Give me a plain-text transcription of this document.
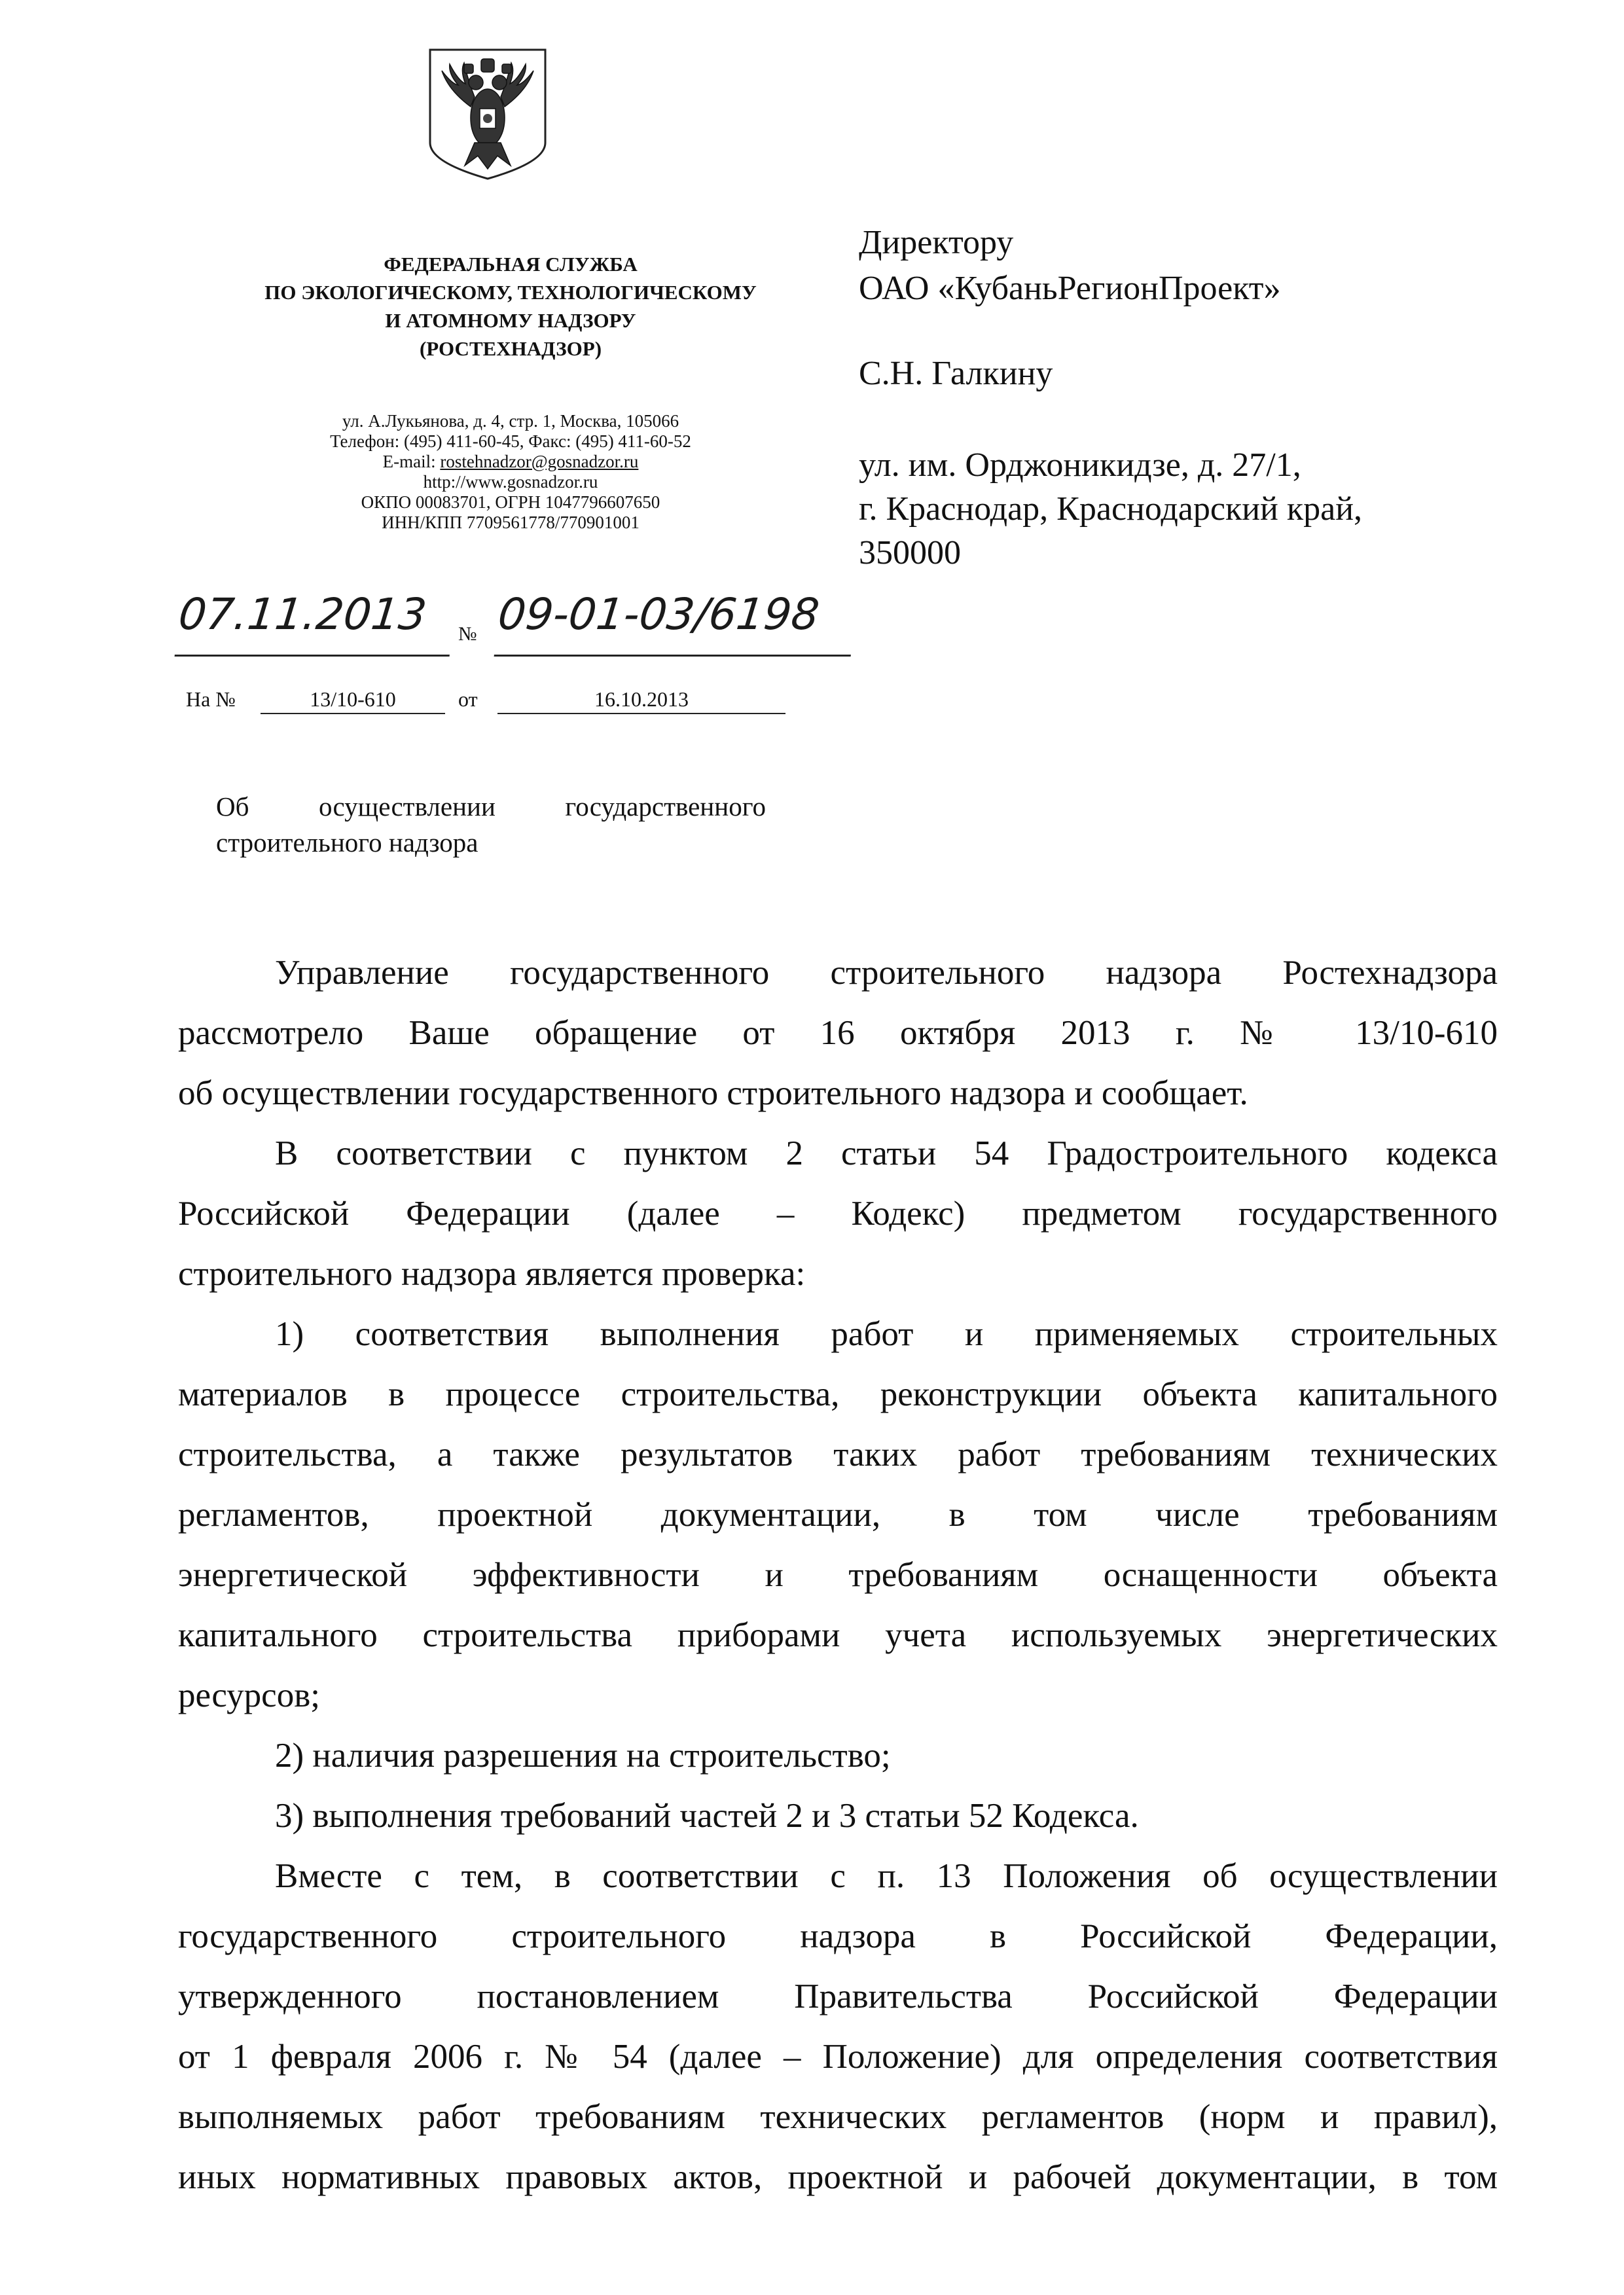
ФЕДЕРАЛЬНАЯ СЛУЖБА
ПО ЭКОЛОГИЧЕСКОМУ, ТЕХНОЛОГИЧЕСКОМУ
И АТОМНОМУ НАДЗОРУ
(РОСТЕХНАДЗОР)
ул. А.Лукьянова, д. 4, стр. 1, Москва, 105066
Телефон: (495) 411-60-45, Факс: (495) 411-60-52
E-mail: rostehnadzor@gosnadzor.ru
http://www.gosnadzor.ru
ОКПО 00083701, ОГРН 1047796607650
ИНН/КПП 7709561778/770901001
Директору
ОАО «КубаньРегионПроект»
С.Н. Галкину
ул. им. Орджоникидзе, д. 27/1,
г. Краснодар, Краснодарский край,
350000
07.11.2013	№ 09-01-03/6198
На №	13/10-610	от	16.10.2013
Об осуществлении государственного
строительного надзора
Управление государственного строительного надзора Ростехнадзора
рассмотрело Ваше обращение от 16 октября 2013 г. № 13/10-610
об осуществлении государственного строительного надзора и сообщает.
В соответствии с пунктом 2 статьи 54 Градостроительного кодекса
Российской Федерации (далее – Кодекс) предметом государственного
строительного надзора является проверка:
1) соответствия выполнения работ и применяемых строительных
материалов в процессе строительства, реконструкции объекта капитального
строительства, а также результатов таких работ требованиям технических
регламентов, проектной документации, в том числе требованиям
энергетической эффективности и требованиям оснащенности объекта
капитального строительства приборами учета используемых энергетических
ресурсов;
2) наличия разрешения на строительство;
3) выполнения требований частей 2 и 3 статьи 52 Кодекса.
Вместе с тем, в соответствии с п. 13 Положения об осуществлении
государственного строительного надзора в Российской Федерации,
утвержденного постановлением Правительства Российской Федерации
от 1 февраля 2006 г. № 54 (далее – Положение) для определения соответствия
выполняемых работ требованиям технических регламентов (норм и правил),
иных нормативных правовых актов, проектной и рабочей документации, в том
